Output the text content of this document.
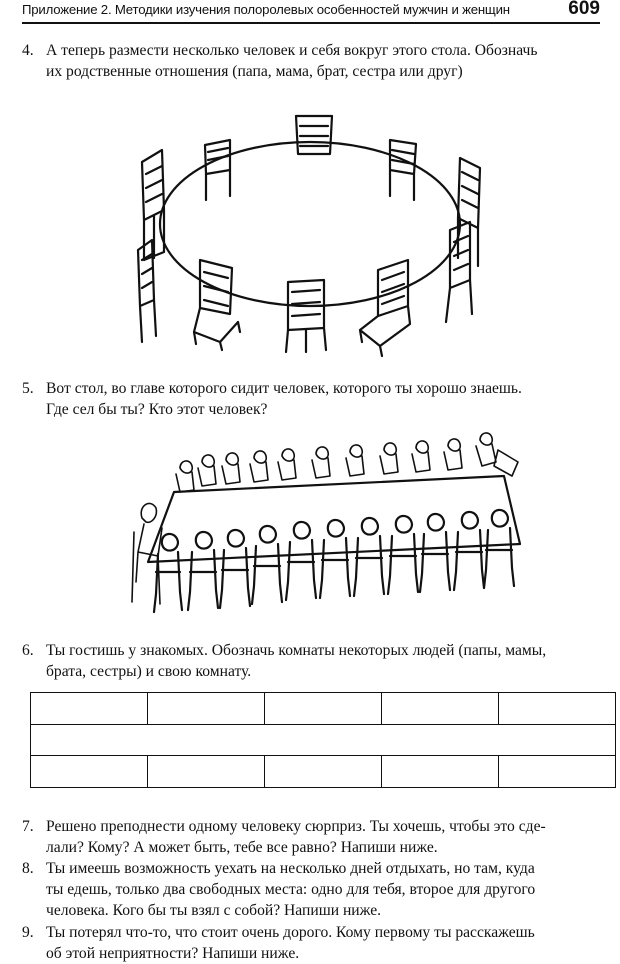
Приложение 2. Методики изучения полоролевых особенностей мужчин и женщин	609
4. А теперь размести несколько человек и себя вокруг этого стола. Обозначь
их родственные отношения (папа, мама, брат, сестра или друг)
5. Вот стол, во главе которого сидит человек, которого ты хорошо знаешь.
Где сел бы ты? Кто этот человек?
6. Ты гостишь у знакомых. Обозначь комнаты некоторых людей (папы, мамы,
брата, сестры) и свою комнату.

7. Решено преподнести одному человеку сюрприз. Ты хочешь, чтобы это сде-
лали? Кому? А может быть, тебе все равно? Напиши ниже.
8. Ты имеешь возможность уехать на несколько дней отдыхать, но там, куда
ты едешь, только два свободных места: одно для тебя, второе для другого
человека. Кого бы ты взял с собой? Напиши ниже.
9. Ты потерял что-то, что стоит очень дорого. Кому первому ты расскажешь
об этой неприятности? Напиши ниже.
